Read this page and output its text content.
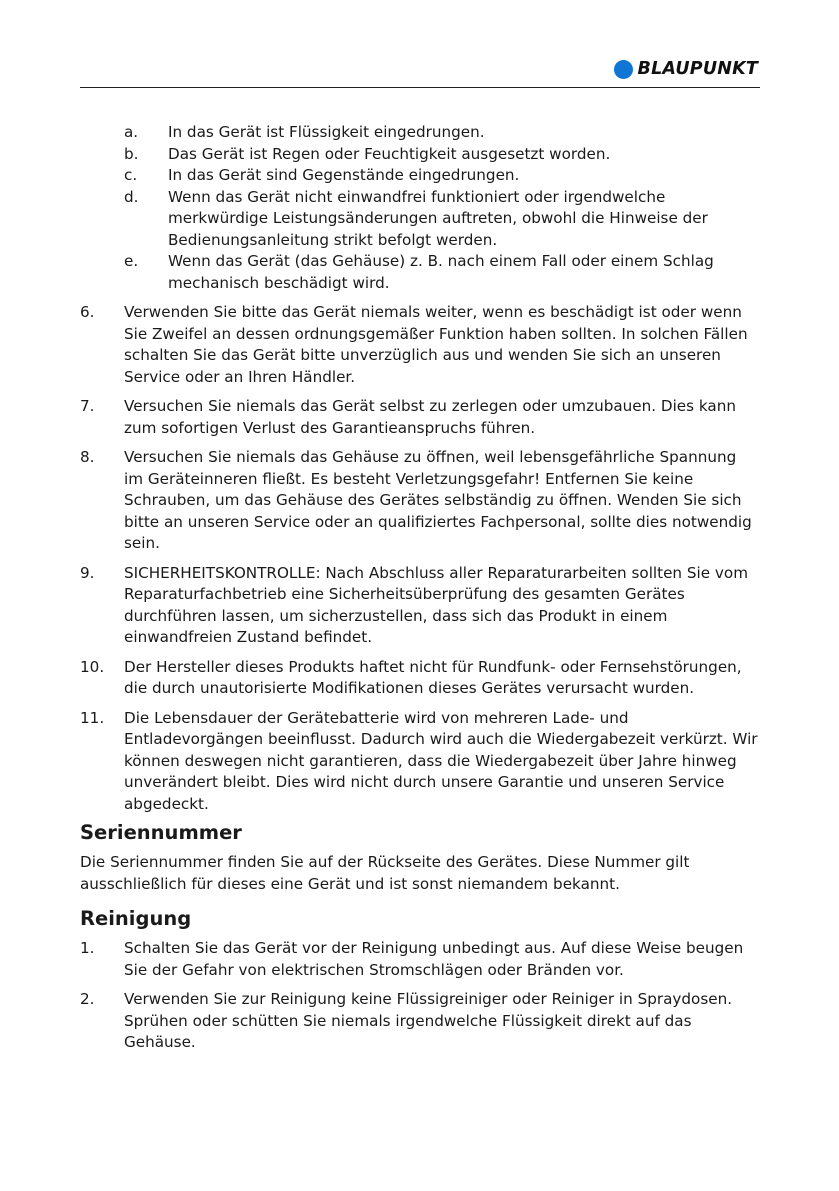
BLAUPUNKT
a.	In das Gerät ist Flüssigkeit eingedrungen.
b.	Das Gerät ist Regen oder Feuchtigkeit ausgesetzt worden.
c.	In das Gerät sind Gegenstände eingedrungen.
d.	Wenn das Gerät nicht einwandfrei funktioniert oder irgendwelche merkwürdige Leistungsänderungen auftreten, obwohl die Hinweise der Bedienungsanleitung strikt befolgt werden.
e.	Wenn das Gerät (das Gehäuse) z. B. nach einem Fall oder einem Schlag mechanisch beschädigt wird.
6.	Verwenden Sie bitte das Gerät niemals weiter, wenn es beschädigt ist oder wenn Sie Zweifel an dessen ordnungsgemäßer Funktion haben sollten. In solchen Fällen schalten Sie das Gerät bitte unverzüglich aus und wenden Sie sich an unseren Service oder an Ihren Händler.
7.	Versuchen Sie niemals das Gerät selbst zu zerlegen oder umzubauen. Dies kann zum sofortigen Verlust des Garantieanspruchs führen.
8.	Versuchen Sie niemals das Gehäuse zu öffnen, weil lebensgefährliche Spannung im Geräteinneren fließt. Es besteht Verletzungsgefahr! Entfernen Sie keine Schrauben, um das Gehäuse des Gerätes selbständig zu öffnen. Wenden Sie sich bitte an unseren Service oder an qualifiziertes Fachpersonal, sollte dies notwendig sein.
9.	SICHERHEITSKONTROLLE: Nach Abschluss aller Reparaturarbeiten sollten Sie vom Reparaturfachbetrieb eine Sicherheitsüberprüfung des gesamten Gerätes durchführen lassen, um sicherzustellen, dass sich das Produkt in einem einwandfreien Zustand befindet.
10.	Der Hersteller dieses Produkts haftet nicht für Rundfunk- oder Fernsehstörungen, die durch unautorisierte Modifikationen dieses Gerätes verursacht wurden.
11.	Die Lebensdauer der Gerätebatterie wird von mehreren Lade- und Entladevorgängen beeinflusst. Dadurch wird auch die Wiedergabezeit verkürzt. Wir können deswegen nicht garantieren, dass die Wiedergabezeit über Jahre hinweg unverändert bleibt. Dies wird nicht durch unsere Garantie und unseren Service abgedeckt.
Seriennummer
Die Seriennummer finden Sie auf der Rückseite des Gerätes. Diese Nummer gilt ausschließlich für dieses eine Gerät und ist sonst niemandem bekannt.
Reinigung
1.	Schalten Sie das Gerät vor der Reinigung unbedingt aus. Auf diese Weise beugen Sie der Gefahr von elektrischen Stromschlägen oder Bränden vor.
2.	Verwenden Sie zur Reinigung keine Flüssigreiniger oder Reiniger in Spraydosen. Sprühen oder schütten Sie niemals irgendwelche Flüssigkeit direkt auf das Gehäuse.
